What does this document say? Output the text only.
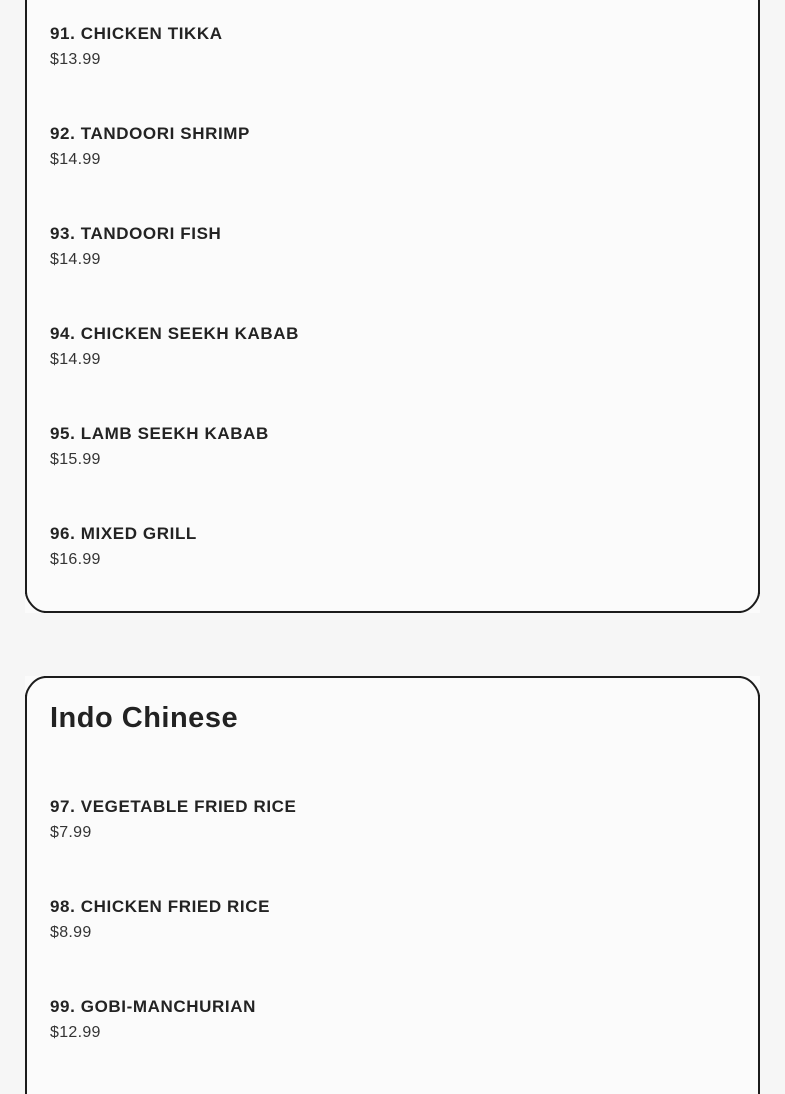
91. CHICKEN TIKKA
$13.99
92. TANDOORI SHRIMP
$14.99
93. TANDOORI FISH
$14.99
94. CHICKEN SEEKH KABAB
$14.99
95. LAMB SEEKH KABAB
$15.99
96. MIXED GRILL
$16.99
Indo Chinese
97. VEGETABLE FRIED RICE
$7.99
98. CHICKEN FRIED RICE
$8.99
99. GOBI-MANCHURIAN
$12.99
